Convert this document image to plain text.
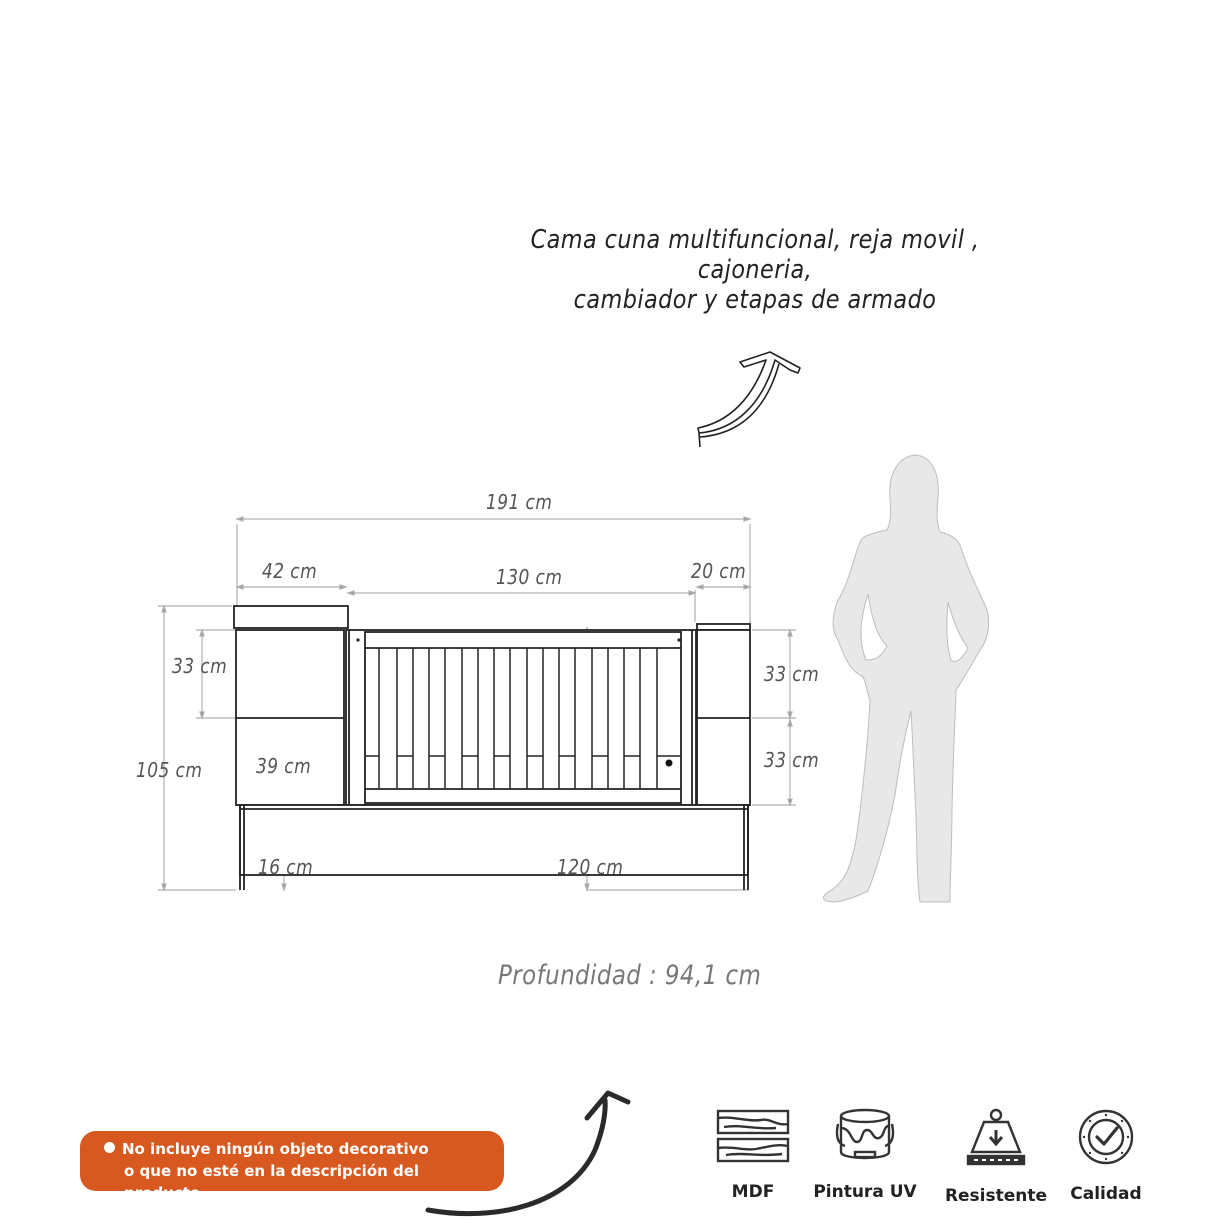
Cama cuna multifuncional, reja movil , cajoneria,
cambiador y etapas de armado
191 cm
42 cm	130 cm	20 cm
33 cm
105 cm	39 cm
33 cm
33 cm
16 cm	120 cm
Profundidad : 94,1 cm
No incluye ningún objeto decorativo
o que no esté en la descripción del producto.	MDF	Pintura UV Resistente	Calidad
